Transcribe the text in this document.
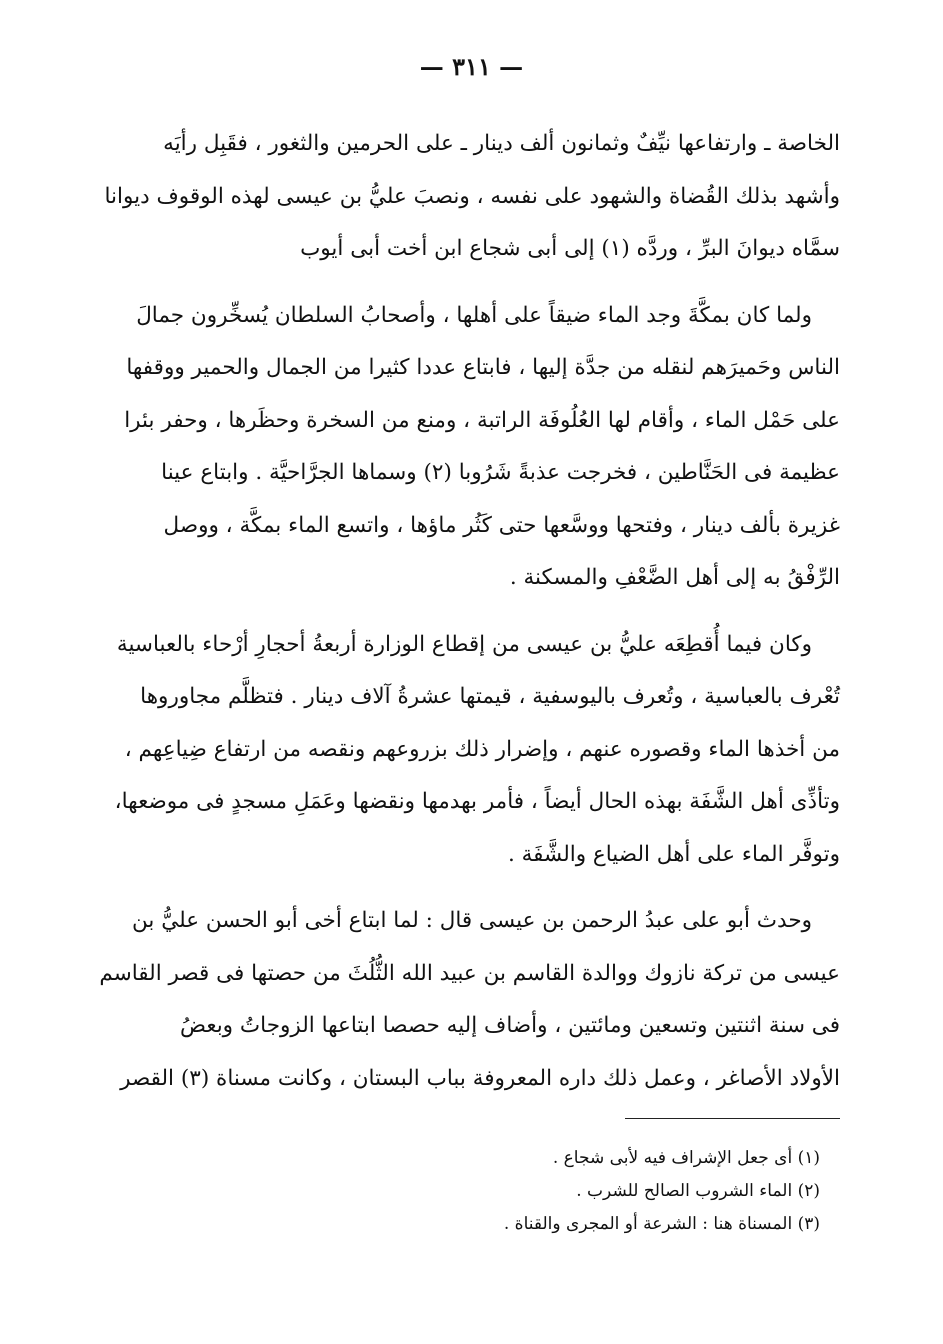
— ٣١١ —

الخاصة ـ وارتفاعها نيِّفٌ وثمانون ألف دينار ـ على الحرمين والثغور ، فقَبِل رأيَه
وأشهد بذلك القُضاة والشهود على نفسه ، ونصبَ عليُّ بن عيسى لهذه الوقوف ديوانا
سمَّاه ديوانَ البرِّ ، وردَّه (١) إلى أبى شجاع ابن أخت أبى أيوب

ولما كان بمكَّةَ وجد الماء ضيقاً على أهلها ، وأصحابُ السلطان يُسخِّرون جمالَ
الناس وحَميرَهم لنقله من جدَّة إليها ، فابتاع عددا كثيرا من الجمال والحمير ووقفها
على حَمْل الماء ، وأقام لها العُلُوفَة الراتبة ، ومنع من السخرة وحظَرها ، وحفر بئرا
عظيمة فى الحَنَّاطين ، فخرجت عذبةً شَرُوبا (٢) وسماها الجرَّاحيَّة . وابتاع عينا
غزيرة بألف دينار ، وفتحها ووسَّعها حتى كَثُر ماؤها ، واتسع الماء بمكَّة ، ووصل
الرِّفْقُ به إلى أهل الضَّعْفِ والمسكنة .

وكان فيما أُقطِعَه عليُّ بن عيسى من إقطاع الوزارة أربعةُ أحجارِ أرْحاء بالعباسية
تُعْرف بالعباسية ، وتُعرف باليوسفية ، قيمتها عشرةُ آلاف دينار . فتظلَّم مجاوروها
من أخذها الماء وقصوره عنهم ، وإضرار ذلك بزروعهم ونقصه من ارتفاع ضِياعِهم ،
وتأذِّى أهل الشَّفَة بهذه الحال أيضاً ، فأمر بهدمها ونقضها وعَمَلِ مسجدٍ فى موضعها،
وتوفَّر الماء على أهل الضياع والشَّفَة .

وحدث أبو على عبدُ الرحمن بن عيسى قال : لما ابتاع أخى أبو الحسن عليُّ بن
عيسى من تركة نازوك ووالدة القاسم بن عبيد الله الثُّلُثَ من حصتها فى قصر القاسم
فى سنة اثنتين وتسعين ومائتين ، وأضاف إليه حصصا ابتاعها الزوجاتُ وبعضُ
الأولاد الأصاغر ، وعمل ذلك داره المعروفة بباب البستان ، وكانت مسناة (٣) القصر

(١) أى جعل الإشراف فيه لأبى شجاع .
(٢) الماء الشروب الصالح للشرب .
(٣) المسناة هنا : الشرعة أو المجرى والقناة .
